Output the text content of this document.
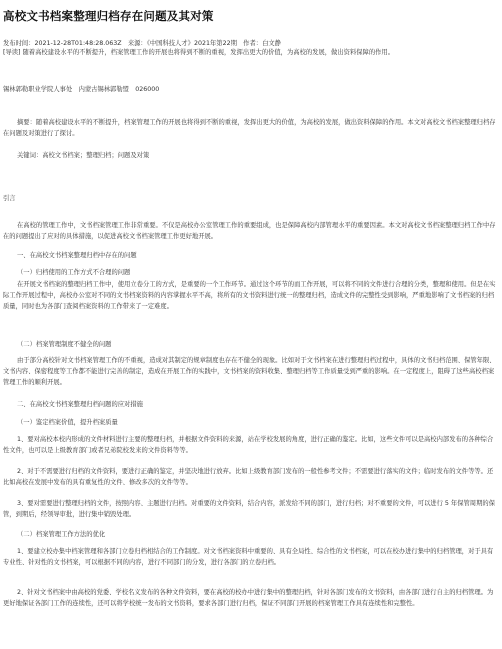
高校文书档案整理归档存在问题及其对策

发布时间：2021-12-28T01:48:28.063Z　来源：《中国科技人才》2021年第22期　作者：白文静

[导读] 随着高校建设水平的不断提升，档案管理工作的开展也将得到不断的重视，发挥出更大的价值，为高校的发展，做出资料保障的作用。

锡林郭勒职业学院人事处　内蒙古锡林郭勒盟　026000

摘要：随着高校建设水平的不断提升，档案管理工作的开展也将得到不断的重视，发挥出更大的价值，为高校的发展，做出资料保障的作用。本文对高校文书档案整理归档存在问题及对策进行了探讨。

关键词：高校文书档案；整理归档；问题及对策

引言

在高校的管理工作中，文书档案管理工作非常重要。不仅是高校办公室管理工作的重要组成，也是保障高校内部管理水平的重要因素。本文对高校文书档案整理归档工作中存在的问题提出了应对的具体措施，以促进高校文书档案管理工作更好地开展。

一、在高校文书档案整理归档中存在的问题

（一）归档使用的工作方式不合理的问题

在开展文书档案的整理归档工作中，使用立卷分工的方式，是重要的一个工作环节。通过这个环节的而工作开展，可以将不同的文件进行合理的分类，整理和使用。但是在实际工作开展过程中，高校办公室对不同的文书档案资料的内容掌握水平不高，将所有的文书资料进行统一的整理归档，造成文件的完整性受到影响，严重地影响了文书档案的归档质量，同时也为各部门查阅档案资料的工作带来了一定难度。

（二）档案管理制度不健全的问题

由于部分高校针对文书档案管理工作的不重视，造成对其制定的规章制度也存在不健全的现象。比如对于文书档案在进行整理归档过程中，具体的文书归档范围、保管年限、文书内容、保密程度等工作都不能进行完善的制定，造成在开展工作的实践中，文书档案的资料收集、整理归档等工作质量受到严重的影响。在一定程度上，阻碍了这些高校档案管理工作的顺利开展。

二、在高校文书档案整理归档问题的应对措施

（一）鉴定档案价值，提升档案质量

1、要对高校本校内形成的文件材料进行主要的整理归档，并根据文件资料的来源，站在学校发展的角度，进行正确的鉴定。比如，这些文件可以是高校内部发布的各种综合性文件，也可以是上级教育部门或者兄弟院校发来的文件资料等等。

2、对于不需要进行归档的文件资料，要进行正确的鉴定，并坚决地进行放弃。比如上级教育部门发布的一般性参考文件；不需要进行落实的文件；临时发布的文件等等。还比如高校在发展中发布的具有重复性的文件、修改多次的文件等等。

3、要对需要进行整理归档的文件，按照内容、主题进行归档。对重要的文件资料，结合内容，派发给不同的部门，进行归档；对不重要的文件，可以进行 5 年保管周期的保管，到期后，经领导审批，进行集中销毁处理。

（二）档案管理工作方法的优化

1、要建立校办集中档案管理和各部门立卷归档相结合的工作制度。对文书档案资料中重要的、具有全局性、综合性的文书档案，可以在校办进行集中的归档管理，对于具有专业性、针对性的文书档案，可以根据不同的内容，进行不同部门的分发，进行各部门的立卷归档。

2、针对文书档案中由高校的党委、学校名义发布的各种文件资料，要在高校的校办中进行集中的整理归档，针对各部门发布的文书资料，由各部门进行自主的归档管理。为更好地保证各部门工作的连续性，还可以将学校统一发布的文书资料，要求各部门进行归档，保证不同部门开展的档案管理工作具有连续性和完整性。
